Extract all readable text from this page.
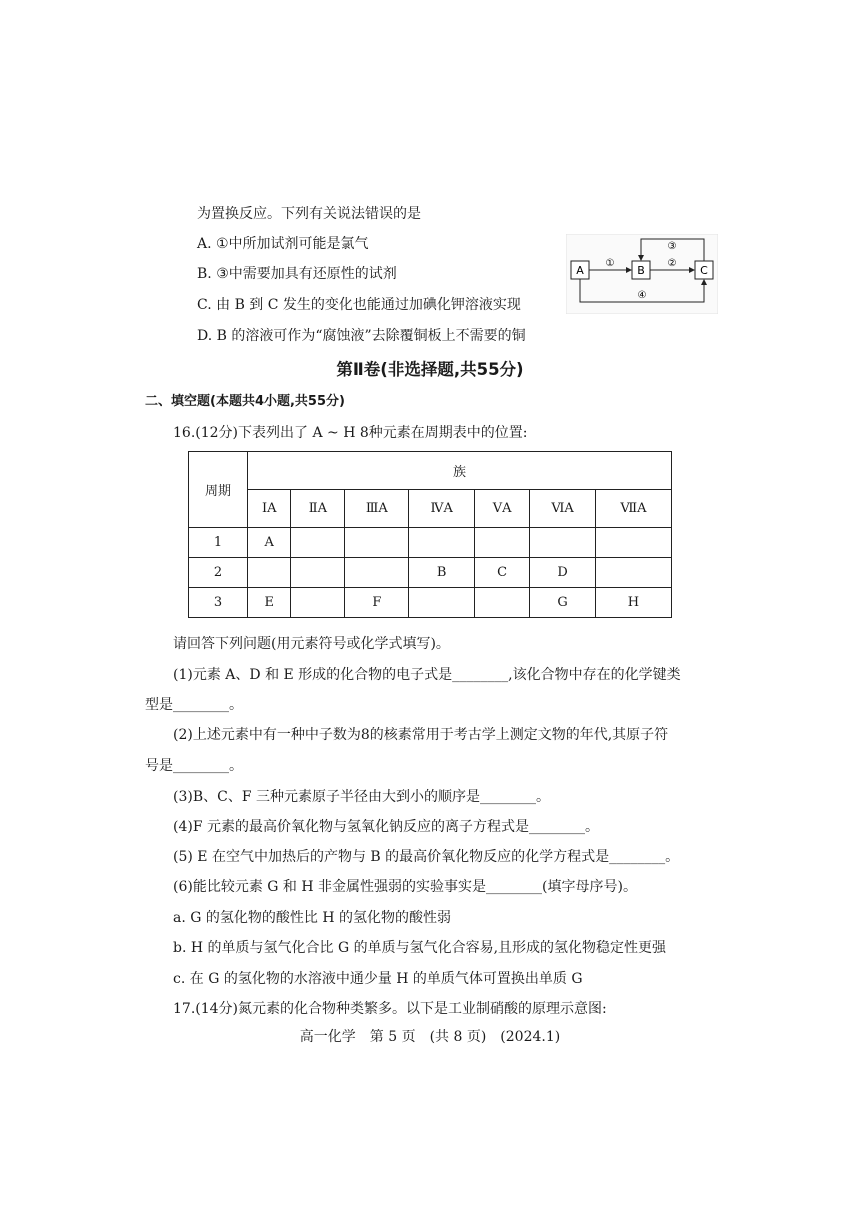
为置换反应。下列有关说法错误的是
A. ①中所加试剂可能是氯气
B. ③中需要加具有还原性的试剂
C. 由 B 到 C 发生的变化也能通过加碘化钾溶液实现
D. B 的溶液可作为“腐蚀液”去除覆铜板上不需要的铜
A	B	C
①	②
③
④
第Ⅱ卷(非选择题,共55分)
二、填空题(本题共4小题,共55分)
16.(12分)下表列出了 A ~ H 8种元素在周期表中的位置:
周期	族						
	ⅠA	ⅡA	ⅢA	ⅣA	ⅤA	ⅥA	ⅦA
1	A						
2				B	C	D	
3	E		F			G	H
请回答下列问题(用元素符号或化学式填写)。
(1)元素 A、D 和 E 形成的化合物的电子式是________,该化合物中存在的化学键类
型是________。
(2)上述元素中有一种中子数为8的核素常用于考古学上测定文物的年代,其原子符
号是________。
(3)B、C、F 三种元素原子半径由大到小的顺序是________。
(4)F 元素的最高价氧化物与氢氧化钠反应的离子方程式是________。
(5) E 在空气中加热后的产物与 B 的最高价氧化物反应的化学方程式是________。
(6)能比较元素 G 和 H 非金属性强弱的实验事实是________(填字母序号)。
a. G 的氢化物的酸性比 H 的氢化物的酸性弱
b. H 的单质与氢气化合比 G 的单质与氢气化合容易,且形成的氢化物稳定性更强
c. 在 G 的氢化物的水溶液中通少量 H 的单质气体可置换出单质 G
17.(14分)氮元素的化合物种类繁多。以下是工业制硝酸的原理示意图:
高一化学　第 5 页　(共 8 页)　(2024.1)
